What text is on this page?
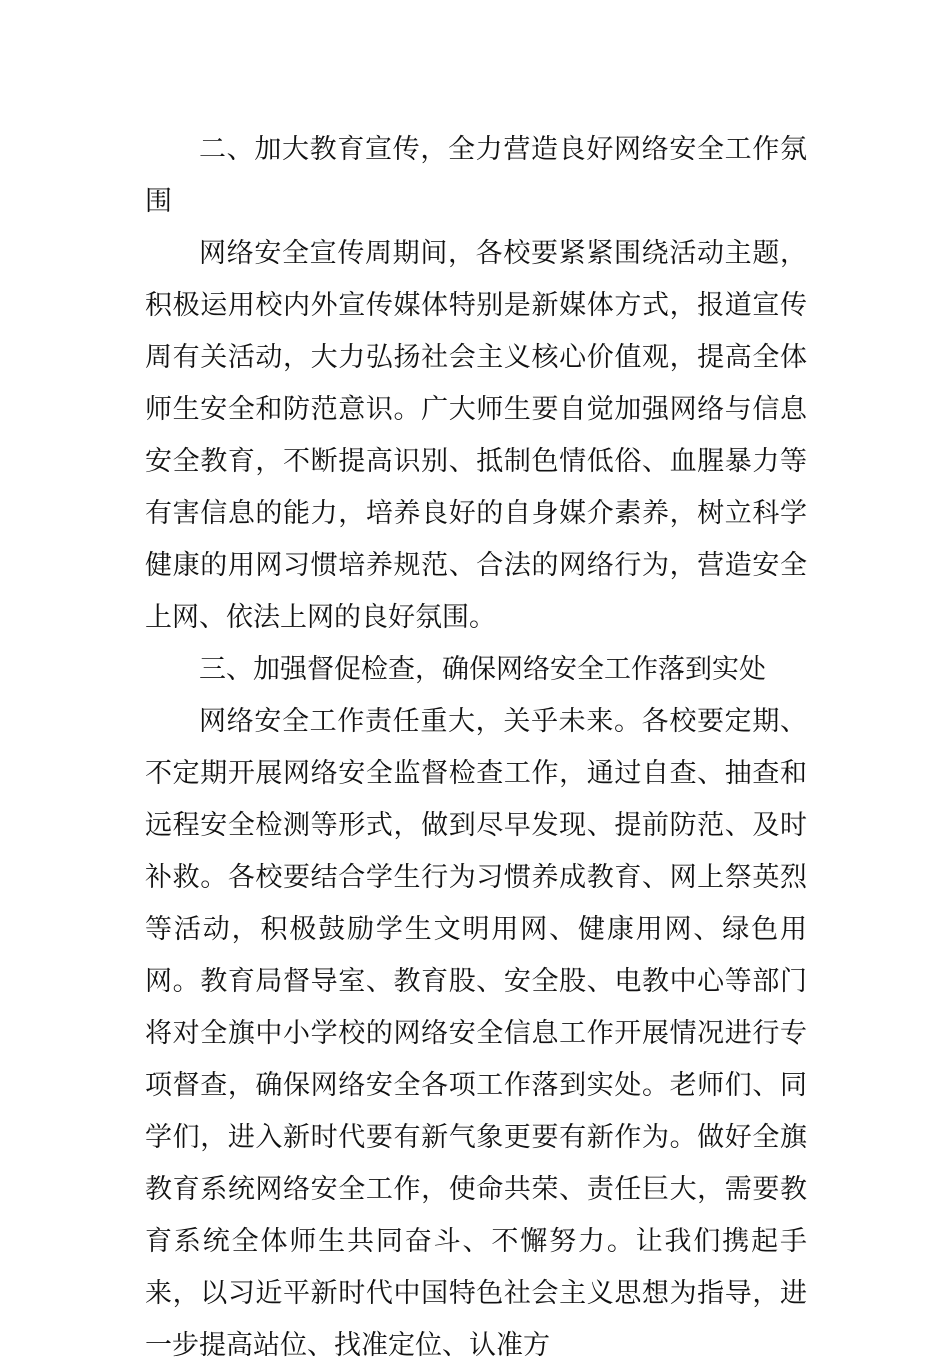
二、加大教育宣传，全力营造良好网络安全工作氛围

网络安全宣传周期间，各校要紧紧围绕活动主题，积极运用校内外宣传媒体特别是新媒体方式，报道宣传周有关活动，大力弘扬社会主义核心价值观，提高全体师生安全和防范意识。广大师生要自觉加强网络与信息安全教育，不断提高识别、抵制色情低俗、血腥暴力等有害信息的能力，培养良好的自身媒介素养，树立科学健康的用网习惯培养规范、合法的网络行为，营造安全上网、依法上网的良好氛围。

三、加强督促检查，确保网络安全工作落到实处

网络安全工作责任重大，关乎未来。各校要定期、不定期开展网络安全监督检查工作，通过自查、抽查和远程安全检测等形式，做到尽早发现、提前防范、及时补救。各校要结合学生行为习惯养成教育、网上祭英烈等活动，积极鼓励学生文明用网、健康用网、绿色用网。教育局督导室、教育股、安全股、电教中心等部门将对全旗中小学校的网络安全信息工作开展情况进行专项督查，确保网络安全各项工作落到实处。老师们、同学们，进入新时代要有新气象更要有新作为。做好全旗教育系统网络安全工作，使命共荣、责任巨大，需要教育系统全体师生共同奋斗、不懈努力。让我们携起手来，以习近平新时代中国特色社会主义思想为指导，进一步提高站位、找准定位、认准方
